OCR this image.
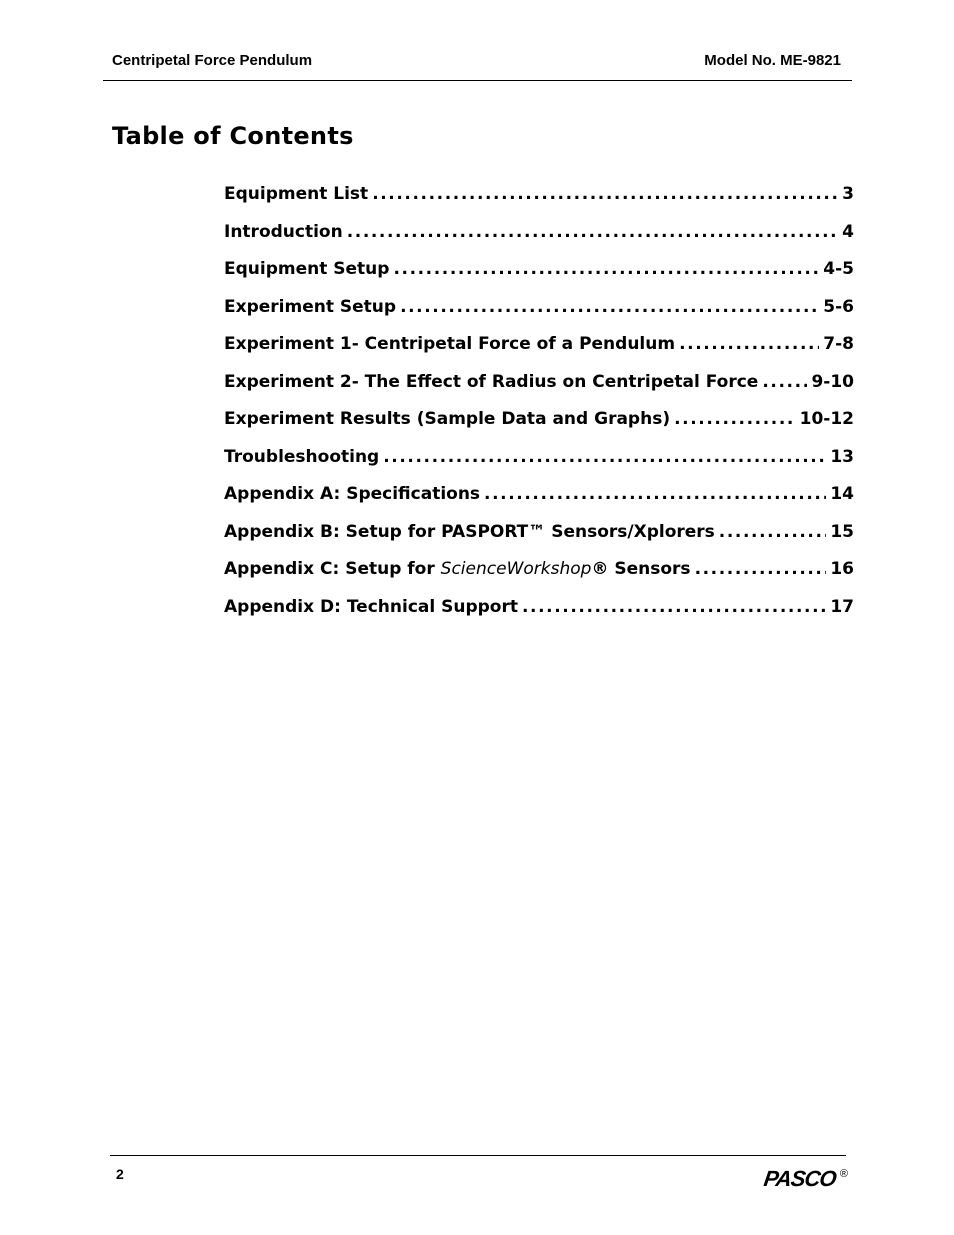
Centripetal Force Pendulum	Model No. ME-9821
Table of Contents
Equipment List .....	3
Introduction .....	4
Equipment Setup .....	4-5
Experiment Setup .....	5-6
Experiment 1- Centripetal Force of a Pendulum .....	7-8
Experiment 2- The Effect of Radius on Centripetal Force .....	9-10
Experiment Results (Sample Data and Graphs) .....	10-12
Troubleshooting .....	13
Appendix A: Specifications .....	14
Appendix B: Setup for PASPORT™ Sensors/Xplorers .....	15
Appendix C: Setup for ScienceWorkshop® Sensors .....	16
Appendix D: Technical Support .....	17
2	PASCO ®
